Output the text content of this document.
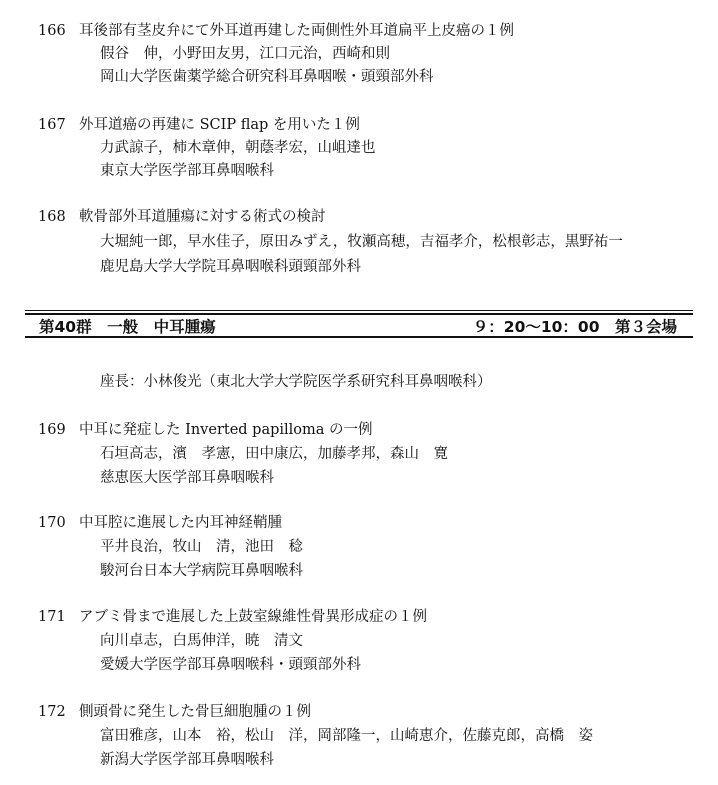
166 耳後部有茎皮弁にて外耳道再建した両側性外耳道扁平上皮癌の１例
假谷　伸，小野田友男，江口元治，西崎和則
岡山大学医歯薬学総合研究科耳鼻咽喉・頭頸部外科
167 外耳道癌の再建に SCIP flap を用いた１例
力武諒子，柿木章伸，朝蔭孝宏，山岨達也
東京大学医学部耳鼻咽喉科
168 軟骨部外耳道腫瘍に対する術式の検討
大堀純一郎，早水佳子，原田みずえ，牧瀬高穂，吉福孝介，松根彰志，黒野祐一
鹿児島大学大学院耳鼻咽喉科頭頸部外科
第40群　一般　中耳腫瘍	９：20〜10：00　第３会場
座長：小林俊光（東北大学大学院医学系研究科耳鼻咽喉科）
169 中耳に発症した Inverted papilloma の一例
石垣高志，濱　孝憲，田中康広，加藤孝邦，森山　寛
慈恵医大医学部耳鼻咽喉科
170 中耳腔に進展した内耳神経鞘腫
平井良治，牧山　清，池田　稔
駿河台日本大学病院耳鼻咽喉科
171 アブミ骨まで進展した上鼓室線維性骨異形成症の１例
向川卓志，白馬伸洋，暁　清文
愛媛大学医学部耳鼻咽喉科・頭頸部外科
172 側頭骨に発生した骨巨細胞腫の１例
富田雅彦，山本　裕，松山　洋，岡部隆一，山崎恵介，佐藤克郎，高橋　姿
新潟大学医学部耳鼻咽喉科
